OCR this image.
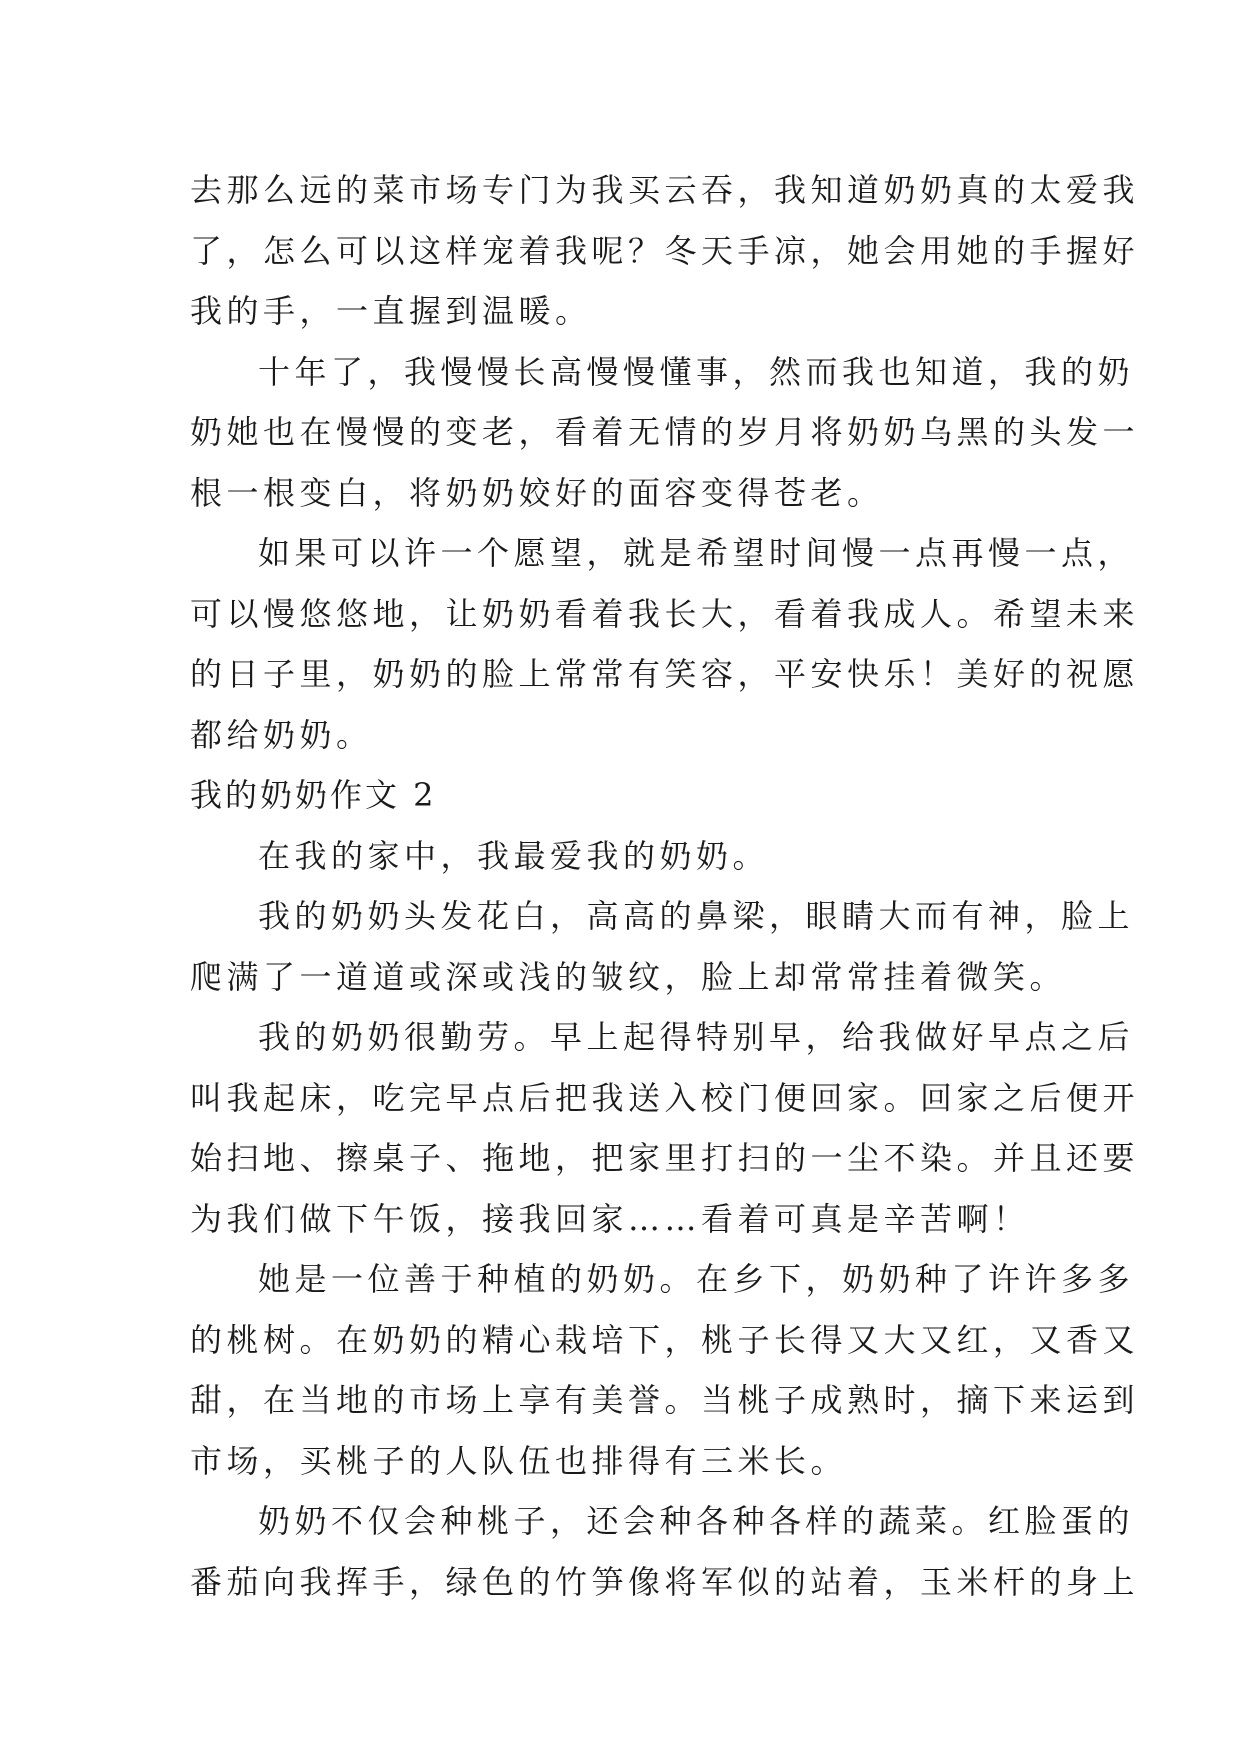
去那么远的菜市场专门为我买云吞，我知道奶奶真的太爱我
了，怎么可以这样宠着我呢？冬天手凉，她会用她的手握好
我的手，一直握到温暖。
十年了，我慢慢长高慢慢懂事，然而我也知道，我的奶
奶她也在慢慢的变老，看着无情的岁月将奶奶乌黑的头发一
根一根变白，将奶奶姣好的面容变得苍老。
如果可以许一个愿望，就是希望时间慢一点再慢一点，
可以慢悠悠地，让奶奶看着我长大，看着我成人。希望未来
的日子里，奶奶的脸上常常有笑容，平安快乐！美好的祝愿
都给奶奶。
我的奶奶作文 2
在我的家中，我最爱我的奶奶。
我的奶奶头发花白，高高的鼻梁，眼睛大而有神，脸上
爬满了一道道或深或浅的皱纹，脸上却常常挂着微笑。
我的奶奶很勤劳。早上起得特别早，给我做好早点之后
叫我起床，吃完早点后把我送入校门便回家。回家之后便开
始扫地、擦桌子、拖地，把家里打扫的一尘不染。并且还要
为我们做下午饭，接我回家……看着可真是辛苦啊！
她是一位善于种植的奶奶。在乡下，奶奶种了许许多多
的桃树。在奶奶的精心栽培下，桃子长得又大又红，又香又
甜，在当地的市场上享有美誉。当桃子成熟时，摘下来运到
市场，买桃子的人队伍也排得有三米长。
奶奶不仅会种桃子，还会种各种各样的蔬菜。红脸蛋的
番茄向我挥手，绿色的竹笋像将军似的站着，玉米杆的身上
